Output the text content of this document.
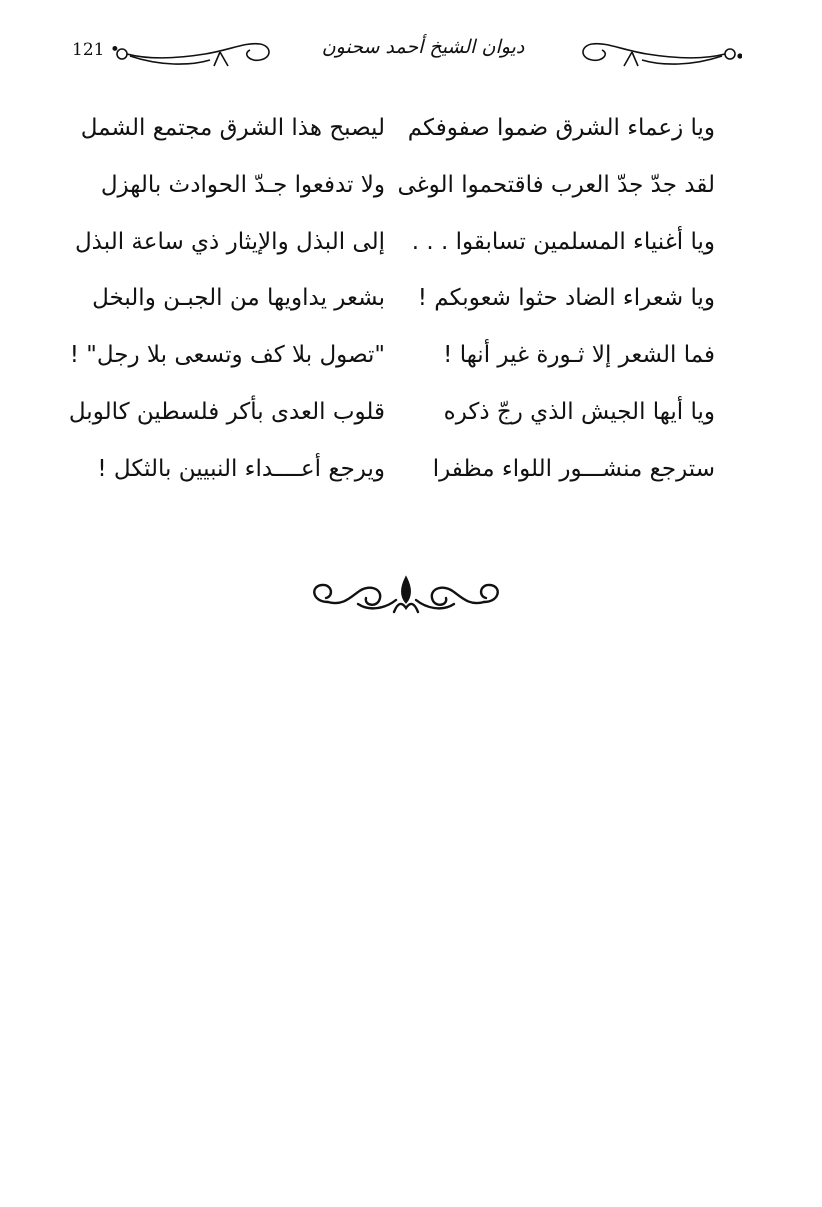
121 •	ديوان الشيخ أحمد سحنون
ويا زعماء الشرق ضموا صفوفكم
ليصبح هذا الشرق مجتمع الشمل
لقد جدّ جدّ العرب فاقتحموا الوغى
ولا تدفعوا جـدّ الحوادث بالهزل
ويا أغنياء المسلمين تسابقوا . . .
إلى البذل والإيثار ذي ساعة البذل
ويا شعراء الضاد حثوا شعوبكم !
بشعر يداويها من الجبـن والبخل
فما الشعر إلا ثـورة غير أنها !
"تصول بلا كف وتسعى بلا رجل" !
ويا أيها الجيش الذي رجّ ذكره
قلوب العدى بأكر فلسطين كالوبل
سترجع منشـــور اللواء مظفرا
ويرجع أعــــداء النبيين بالثكل !
